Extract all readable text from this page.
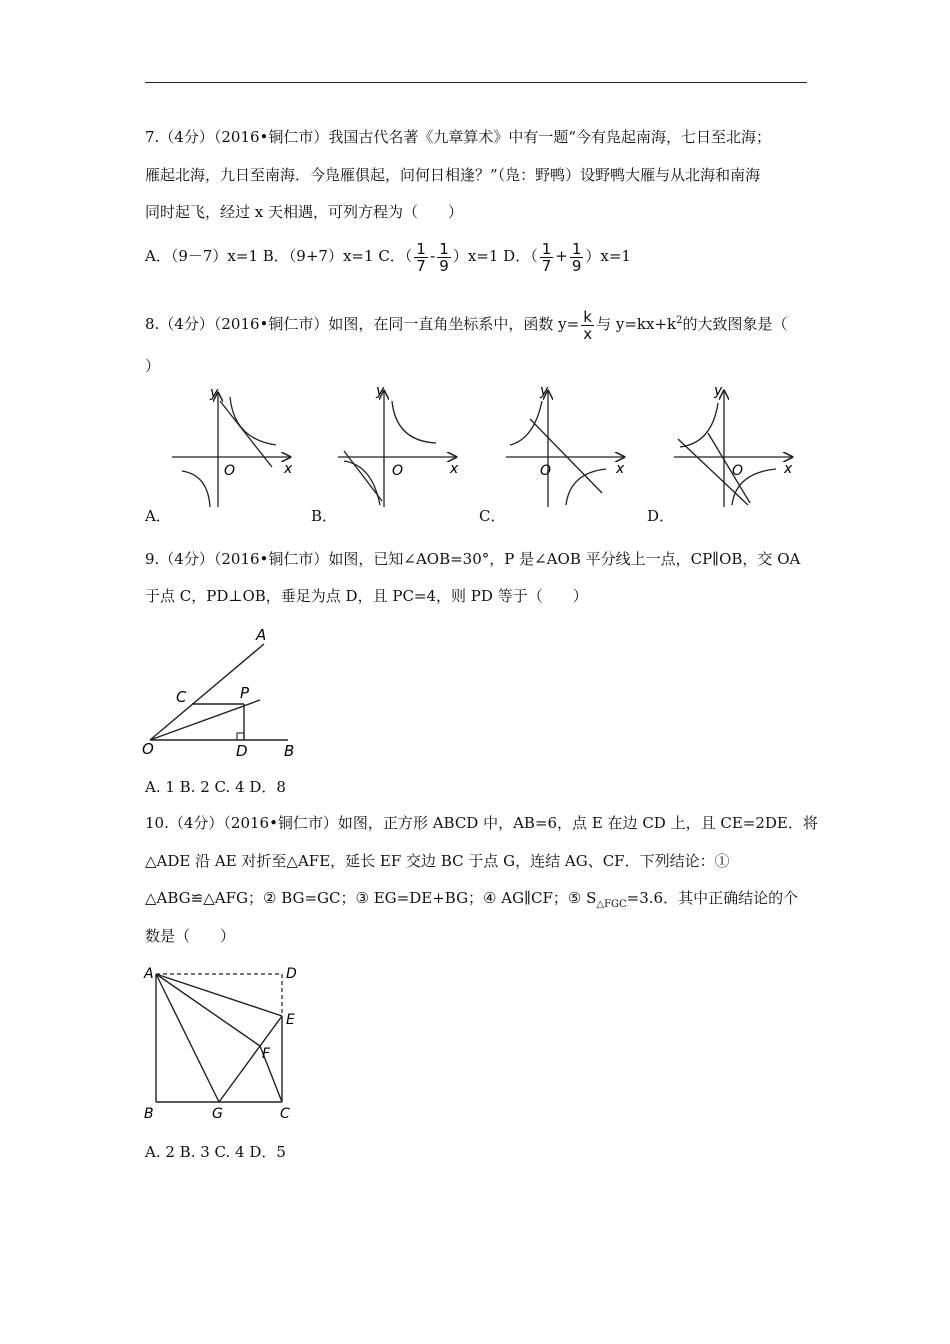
7.（4分）（2016•铜仁市）我国古代名著《九章算术》中有一题“今有凫起南海，七日至北海；
雁起北海，九日至南海．今凫雁俱起，问何日相逢？”（凫：野鸭）设野鸭大雁与从北海和南海
同时起飞，经过 x 天相遇，可列方程为（　　）
A．（9－7）x=1 B．（9+7）x=1 C．（ $\frac{1}{7} - \frac{1}{9} )x=1$ D．（ $\frac{1}{7} + \frac{1}{9} )x=1$
8.（4分）（2016•铜仁市）如图，在同一直角坐标系中，函数 $y= \frac{k}{x}$ 与 $y=kx+k^2$的大致图象是（
）
y
x
O
y
x
O
y
x
O
y
x
O
A．	B．	C．	D．
9.（4分）（2016•铜仁市）如图，已知∠AOB=30°，P 是∠AOB 平分线上一点，CP∥OB，交 OA
于点 C，PD⊥OB，垂足为点 D，且 PC=4，则 PD 等于（　　）
A
C	P
O	D B
A. 1 B. 2 C. 4 D．8
10.（4分）（2016•铜仁市）如图，正方形 ABCD 中，AB=6，点 E 在边 CD 上，且 CE=2DE．将
△ADE 沿 AE 对折至△AFE，延长 EF 交边 BC 于点 G，连结 AG、CF．下列结论：①
△ABG≌△AFG；② BG=GC；③ EG=DE+BG；④ AG∥CF；⑤ $S_{\triangle FGC}=3.6$．其中正确结论的个
数是（　　）
A	D
E
F
B	G	C
A. 2 B. 3 C. 4 D．5
